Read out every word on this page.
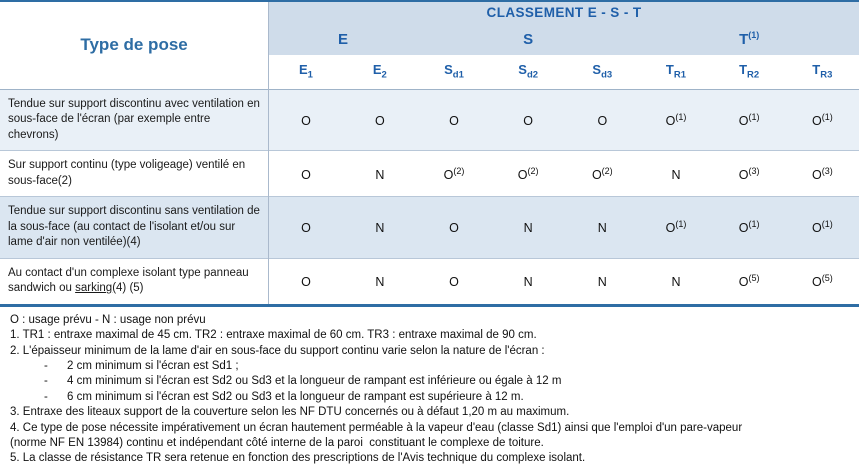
Type de pose	CLASSEMENT E - S - T							
	E		S			$T^{(1)}$
	$E_1$	$E_2$	$S_{d1}$	$S_{d2}$	$S_{d3}$	$T_{R1}$	$T_{R2}$	$T_{R3}$
Tendue sur support discontinu avec ventilation en sous-face de l'écran (par exemple entre chevrons)	O	O	O	O	O	$O^{(1)}$	$O^{(1)}$	$O^{(1)}$
Sur support continu (type voligeage) ventilé en sous-face(2)	O	N	$O^{(2)}$	$O^{(2)}$	$O^{(2)}$	N	$O^{(3)}$	$O^{(3)}$
Tendue sur support discontinu sans ventilation de la sous-face (au contact de l'isolant et/ou sur lame d'air non ventilée)(4)	O	N	O	N	N	$O^{(1)}$	$O^{(1)}$	$O^{(1)}$
Au contact d'un complexe isolant type panneau sandwich ou sarking(4) (5)	O	N	O	N	N	N	$O^{(5)}$	$O^{(5)}$
O : usage prévu - N : usage non prévu
1. TR1 : entraxe maximal de 45 cm. TR2 : entraxe maximal de 60 cm. TR3 : entraxe maximal de 90 cm.
2. L'épaisseur minimum de la lame d'air en sous-face du support continu varie selon la nature de l'écran :
-      2 cm minimum si l'écran est Sd1 ;
-      4 cm minimum si l'écran est Sd2 ou Sd3 et la longueur de rampant est inférieure ou égale à 12 m
-      6 cm minimum si l'écran est Sd2 ou Sd3 et la longueur de rampant est supérieure à 12 m.
3. Entraxe des liteaux support de la couverture selon les NF DTU concernés ou à défaut 1,20 m au maximum.
4. Ce type de pose nécessite impérativement un écran hautement perméable à la vapeur d'eau (classe Sd1) ainsi que l'emploi d'un pare-vapeur
(norme NF EN 13984) continu et indépendant côté interne de la paroi  constituant le complexe de toiture.
5. La classe de résistance TR sera retenue en fonction des prescriptions de l'Avis technique du complexe isolant.
